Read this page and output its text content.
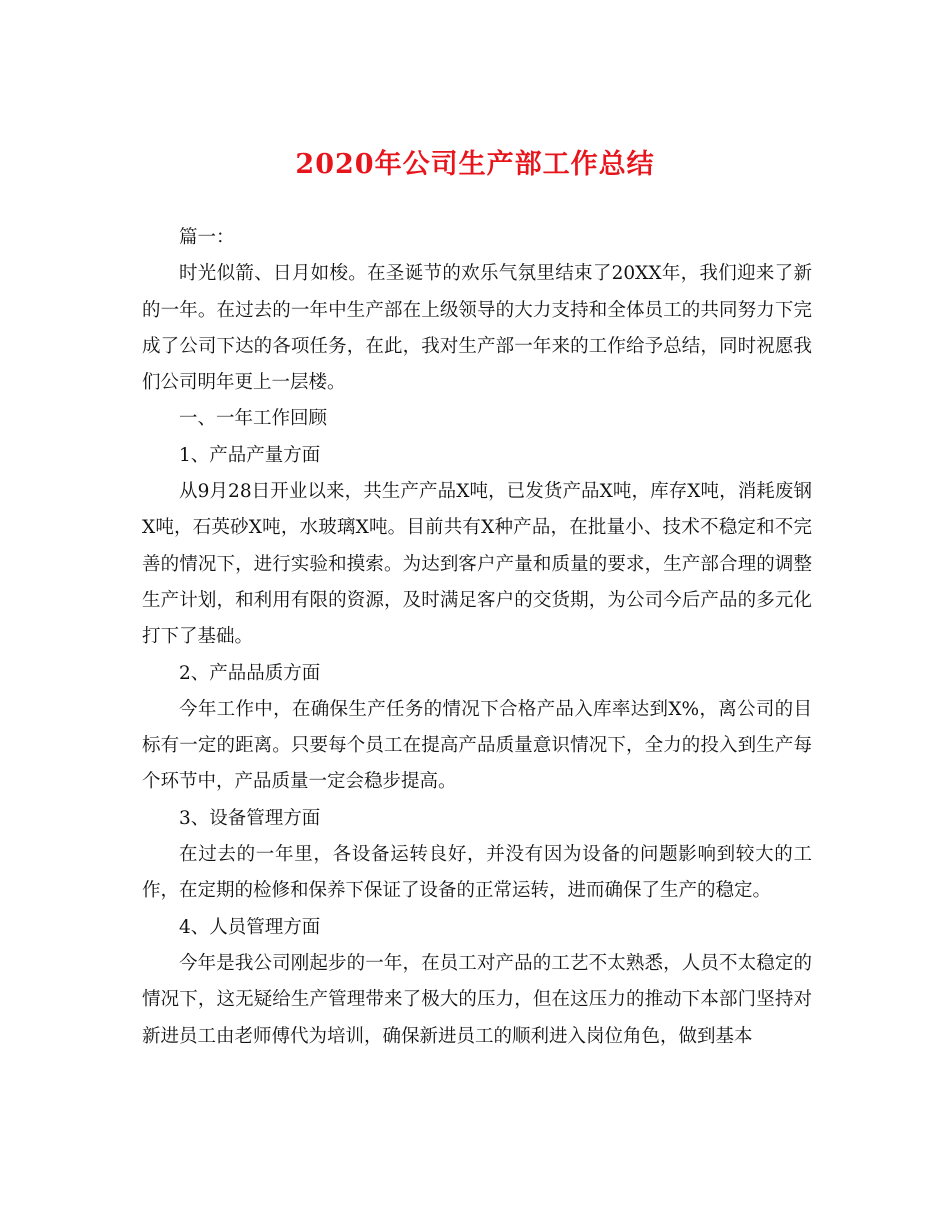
2020年公司生产部工作总结

篇一：

时光似箭、日月如梭。在圣诞节的欢乐气氛里结束了20XX年，我们迎来了新的一年。在过去的一年中生产部在上级领导的大力支持和全体员工的共同努力下完成了公司下达的各项任务，在此，我对生产部一年来的工作给予总结，同时祝愿我们公司明年更上一层楼。

一、一年工作回顾

1、产品产量方面

从9月28日开业以来，共生产产品X吨，已发货产品X吨，库存X吨，消耗废钢X吨，石英砂X吨，水玻璃X吨。目前共有X种产品，在批量小、技术不稳定和不完善的情况下，进行实验和摸索。为达到客户产量和质量的要求，生产部合理的调整生产计划，和利用有限的资源，及时满足客户的交货期，为公司今后产品的多元化打下了基础。

2、产品品质方面

今年工作中，在确保生产任务的情况下合格产品入库率达到X%，离公司的目标有一定的距离。只要每个员工在提高产品质量意识情况下，全力的投入到生产每个环节中，产品质量一定会稳步提高。

3、设备管理方面

在过去的一年里，各设备运转良好，并没有因为设备的问题影响到较大的工作，在定期的检修和保养下保证了设备的正常运转，进而确保了生产的稳定。

4、人员管理方面

今年是我公司刚起步的一年，在员工对产品的工艺不太熟悉，人员不太稳定的情况下，这无疑给生产管理带来了极大的压力，但在这压力的推动下本部门坚持对新进员工由老师傅代为培训，确保新进员工的顺利进入岗位角色，做到基本
